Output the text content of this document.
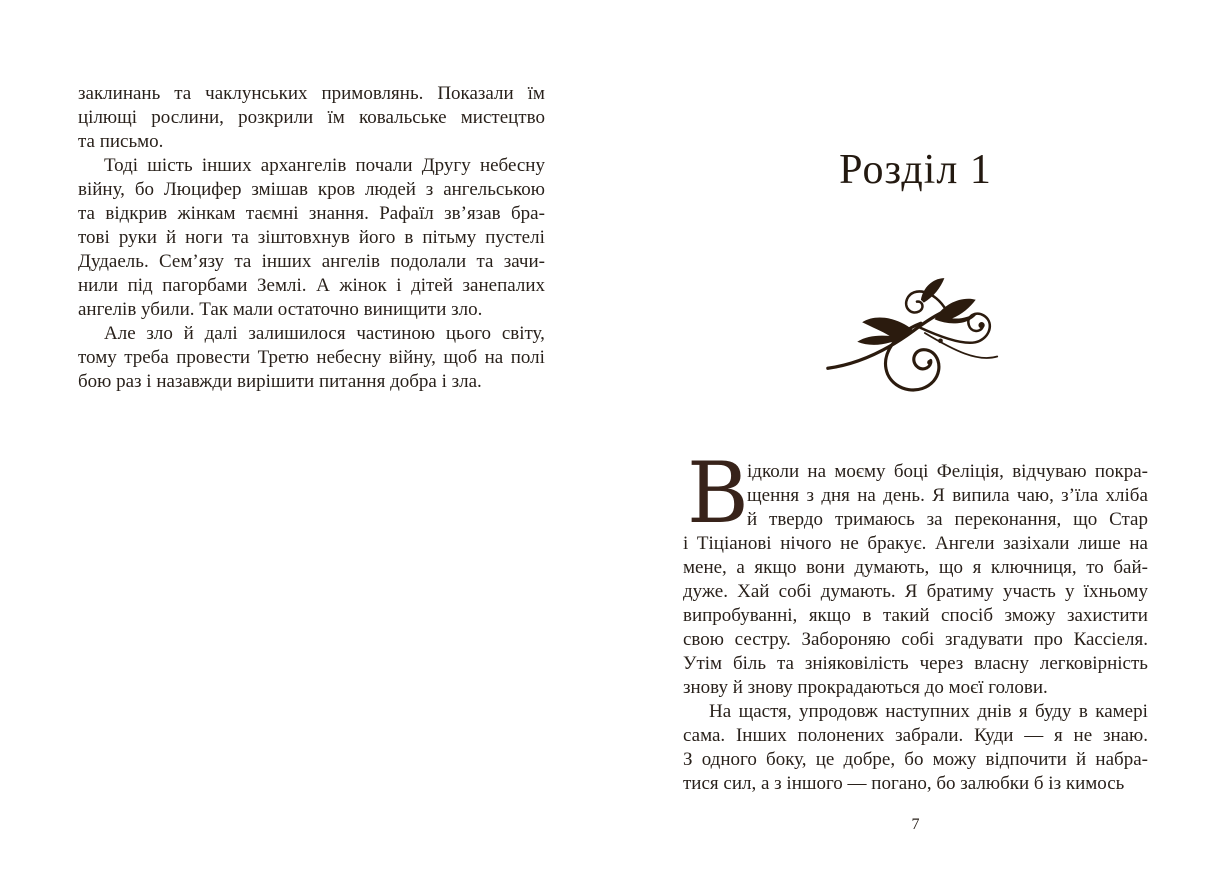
заклинань та чаклунських примовлянь. Показали їм
цілющі рослини, розкрили їм ковальське мистецтво
та письмо.
Тоді шість інших архангелів почали Другу небесну
війну, бо Люцифер змішав кров людей з ангельською
та відкрив жінкам таємні знання. Рафаїл зв’язав бра-
тові руки й ноги та зіштовхнув його в пітьму пустелі
Дудаель. Сем’язу та інших ангелів подолали та зачи-
нили під пагорбами Землі. А жінок і дітей занепалих
ангелів убили. Так мали остаточно винищити зло.
Але зло й далі залишилося частиною цього світу,
тому треба провести Третю небесну війну, щоб на полі
бою раз і назавжди вирішити питання добра і зла.
Розділ 1
В
ідколи на моєму боці Феліція, відчуваю покра-
щення з дня на день. Я випила чаю, з’їла хліба
й твердо тримаюсь за переконання, що Стар
і Тіціанові нічого не бракує. Ангели зазіхали лише на
мене, а якщо вони думають, що я ключниця, то бай-
дуже. Хай собі думають. Я братиму участь у їхньому
випробуванні, якщо в такий спосіб зможу захистити
свою сестру. Забороняю собі згадувати про Кассіеля.
Утім біль та зніяковілість через власну легковірність
знову й знову прокрадаються до моєї голови.
На щастя, упродовж наступних днів я буду в камері
сама. Інших полонених забрали. Куди — я не знаю.
З одного боку, це добре, бо можу відпочити й набра-
тися сил, а з іншого — погано, бо залюбки б із кимось
7
